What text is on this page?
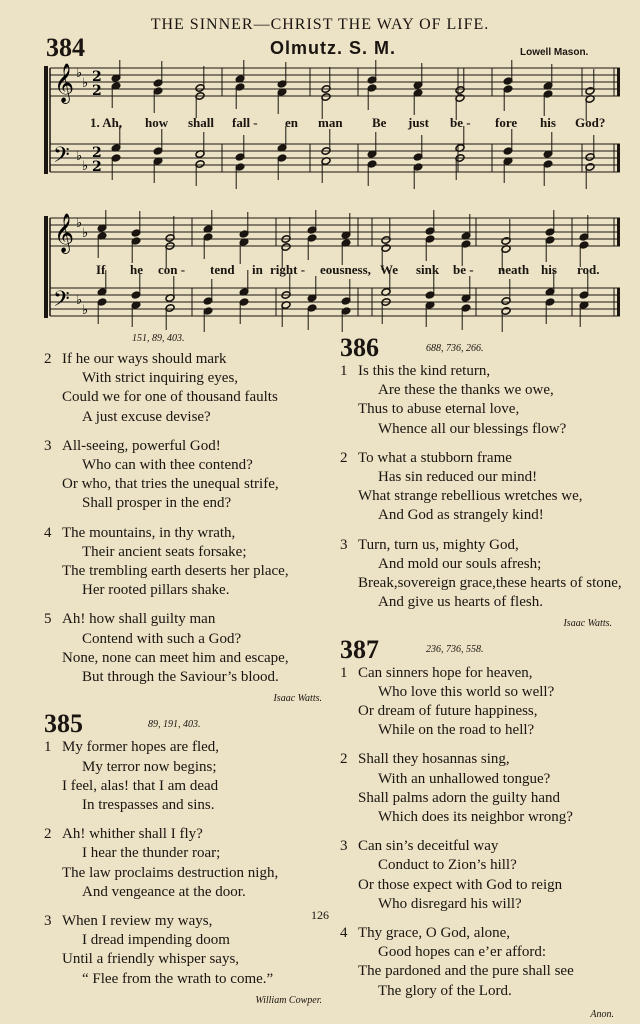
THE SINNER—CHRIST THE WAY OF LIFE.
384	Olmutz. S. M.	Lowell Mason.
𝄞
𝄢
♭
♭
♭
♭
2
2
2
2
1. Ah, how shall fall - en man Be just be - fore his God?
𝄞
𝄢
♭
♭
♭
♭
If he con - tend in right - eousness, We sink be - neath his rod.
151, 89, 403.
2 If he our ways should mark
With strict inquiring eyes,
Could we for one of thousand faults
A just excuse devise?
3 All-seeing, powerful God!
Who can with thee contend?
Or who, that tries the unequal strife,
Shall prosper in the end?
4 The mountains, in thy wrath,
Their ancient seats forsake;
The trembling earth deserts her place,
Her rooted pillars shake.
5 Ah! how shall guilty man
Contend with such a God?
None, none can meet him and escape,
But through the Saviour’s blood.
Isaac Watts.
385	89, 191, 403.
1 My former hopes are fled,
My terror now begins;
I feel, alas! that I am dead
In trespasses and sins.
2 Ah! whither shall I fly?
I hear the thunder roar;
The law proclaims destruction nigh,
And vengeance at the door.
3 When I review my ways,
I dread impending doom
Until a friendly whisper says,
“ Flee from the wrath to come.”
William Cowper.
386	688, 736, 266.
1 Is this the kind return,
Are these the thanks we owe,
Thus to abuse eternal love,
Whence all our blessings flow?
2 To what a stubborn frame
Has sin reduced our mind!
What strange rebellious wretches we,
And God as strangely kind!
3 Turn, turn us, mighty God,
And mold our souls afresh;
Break,sovereign grace,these hearts of stone,
And give us hearts of flesh.
Isaac Watts.
387	236, 736, 558.
1 Can sinners hope for heaven,
Who love this world so well?
Or dream of future happiness,
While on the road to hell?
2 Shall they hosannas sing,
With an unhallowed tongue?
Shall palms adorn the guilty hand
Which does its neighbor wrong?
3 Can sin’s deceitful way
Conduct to Zion’s hill?
Or those expect with God to reign
Who disregard his will?
4 Thy grace, O God, alone,
Good hopes can e’er afford:
The pardoned and the pure shall see
The glory of the Lord.
Anon.
126
